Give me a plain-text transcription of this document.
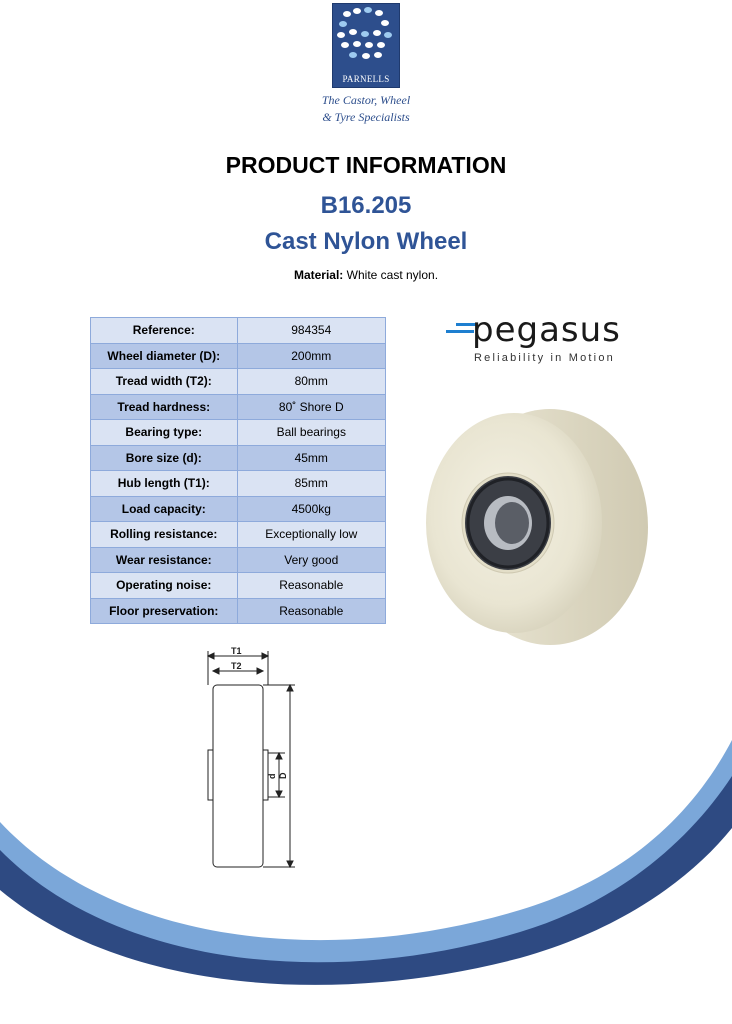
PARNELLS
The Castor, Wheel
& Tyre Specialists
PRODUCT INFORMATION
B16.205
Cast Nylon Wheel
Material: White cast nylon.
Reference:	984354
Wheel diameter (D):	200mm
Tread width (T2):	80mm
Tread hardness:	80˚ Shore D
Bearing type:	Ball bearings
Bore size (d):	45mm
Hub length (T1):	85mm
Load capacity:	4500kg
Rolling resistance:	Exceptionally low
Wear resistance:	Very good
Operating noise:	Reasonable
Floor preservation:	Reasonable
pegasus
Reliability in Motion
T1
T2
d D
